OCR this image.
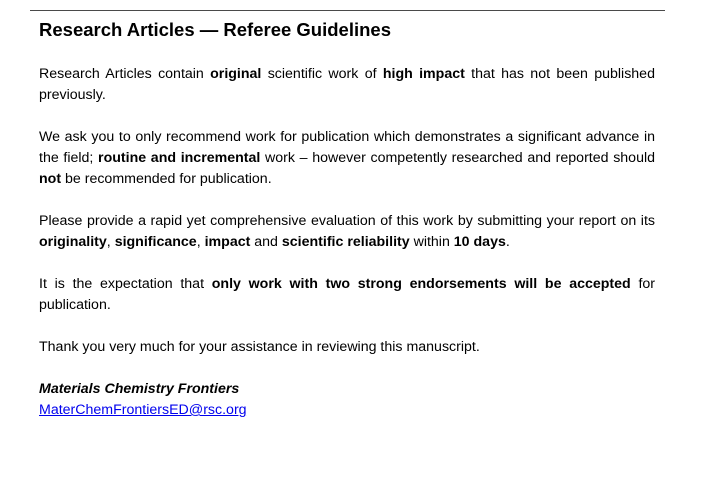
Research Articles — Referee Guidelines

Research Articles contain original scientific work of high impact that has not been published previously.

We ask you to only recommend work for publication which demonstrates a significant advance in the field; routine and incremental work – however competently researched and reported should not be recommended for publication.

Please provide a rapid yet comprehensive evaluation of this work by submitting your report on its originality, significance, impact and scientific reliability within 10 days.

It is the expectation that only work with two strong endorsements will be accepted for publication.

Thank you very much for your assistance in reviewing this manuscript.

Materials Chemistry Frontiers
MaterChemFrontiersED@rsc.org
